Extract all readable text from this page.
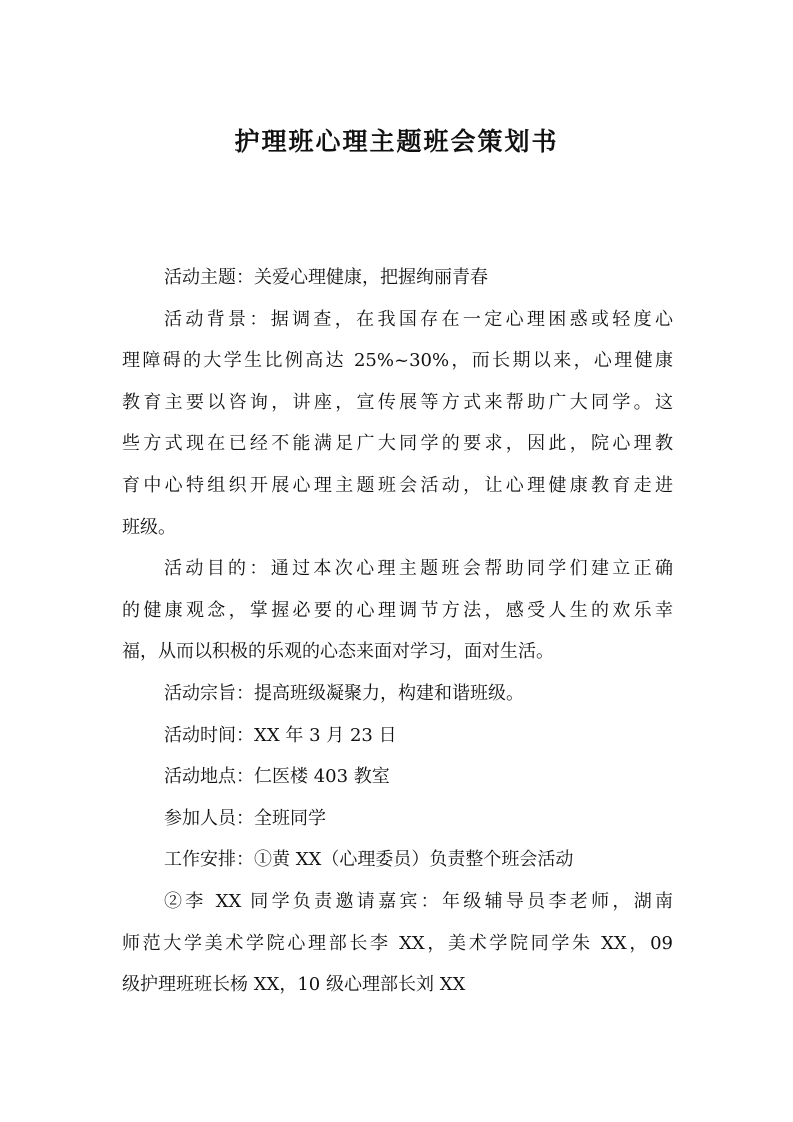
护理班心理主题班会策划书
活动主题：关爱心理健康，把握绚丽青春
活动背景：据调查，在我国存在一定心理困惑或轻度心
理障碍的大学生比例高达 25%~30%，而长期以来，心理健康
教育主要以咨询，讲座，宣传展等方式来帮助广大同学。这
些方式现在已经不能满足广大同学的要求，因此，院心理教
育中心特组织开展心理主题班会活动，让心理健康教育走进
班级。
活动目的：通过本次心理主题班会帮助同学们建立正确
的健康观念，掌握必要的心理调节方法，感受人生的欢乐幸
福，从而以积极的乐观的心态来面对学习，面对生活。
活动宗旨：提高班级凝聚力，构建和谐班级。
活动时间：XX 年 3 月 23 日
活动地点：仁医楼 403 教室
参加人员：全班同学
工作安排：①黄 XX（心理委员）负责整个班会活动
②李 XX 同学负责邀请嘉宾：年级辅导员李老师，湖南
师范大学美术学院心理部长李 XX，美术学院同学朱 XX，09
级护理班班长杨 XX，10 级心理部长刘 XX
